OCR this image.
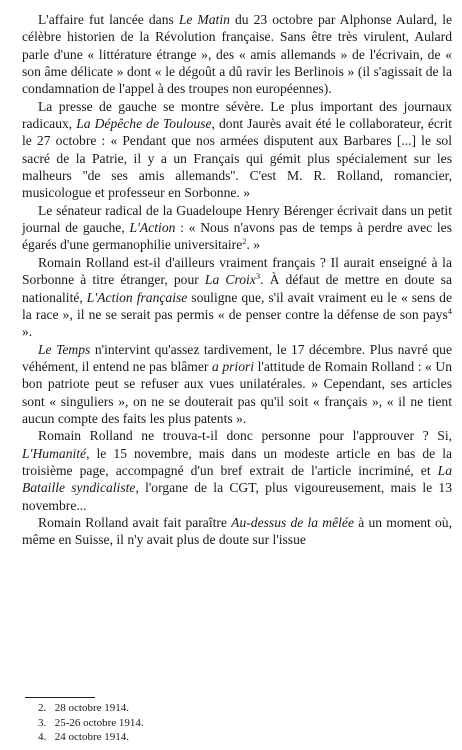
L'affaire fut lancée dans Le Matin du 23 octobre par Alphonse Aulard, le célèbre historien de la Révolution française. Sans être très virulent, Aulard parle d'une « littérature étrange », des « amis allemands » de l'écrivain, de « son âme délicate » dont « le dégoût a dû ravir les Berlinois » (il s'agissait de la condamnation de l'appel à des troupes non européennes).

La presse de gauche se montre sévère. Le plus important des journaux radicaux, La Dépêche de Toulouse, dont Jaurès avait été le collaborateur, écrit le 27 octobre : « Pendant que nos armées disputent aux Barbares [...] le sol sacré de la Patrie, il y a un Français qui gémit plus spécialement sur les malheurs ''de ses amis allemands''. C'est M. R. Rolland, romancier, musicologue et professeur en Sorbonne. »

Le sénateur radical de la Guadeloupe Henry Bérenger écrivait dans un petit journal de gauche, L'Action : « Nous n'avons pas de temps à perdre avec les égarés d'une germanophilie universitaire$^2$. »

Romain Rolland est-il d'ailleurs vraiment français ? Il aurait enseigné à la Sorbonne à titre étranger, pour La Croix$^3$. À défaut de mettre en doute sa nationalité, L'Action française souligne que, s'il avait vraiment eu le « sens de la race », il ne se serait pas permis « de penser contre la défense de son pays$^4$ ».

Le Temps n'intervint qu'assez tardivement, le 17 décembre. Plus navré que véhément, il entend ne pas blâmer a priori l'attitude de Romain Rolland : « Un bon patriote peut se refuser aux vues unilatérales. » Cependant, ses articles sont « singuliers », on ne se douterait pas qu'il soit « français », « il ne tient aucun compte des faits les plus patents ».

Romain Rolland ne trouva-t-il donc personne pour l'approuver ? Si, L'Humanité, le 15 novembre, mais dans un modeste article en bas de la troisième page, accompagné d'un bref extrait de l'article incriminé, et La Bataille syndicaliste, l'organe de la CGT, plus vigoureusement, mais le 13 novembre...

Romain Rolland avait fait paraître Au-dessus de la mêlée à un moment où, même en Suisse, il n'y avait plus de doute sur l'issue

2. 28 octobre 1914.
3. 25-26 octobre 1914.
4. 24 octobre 1914.
